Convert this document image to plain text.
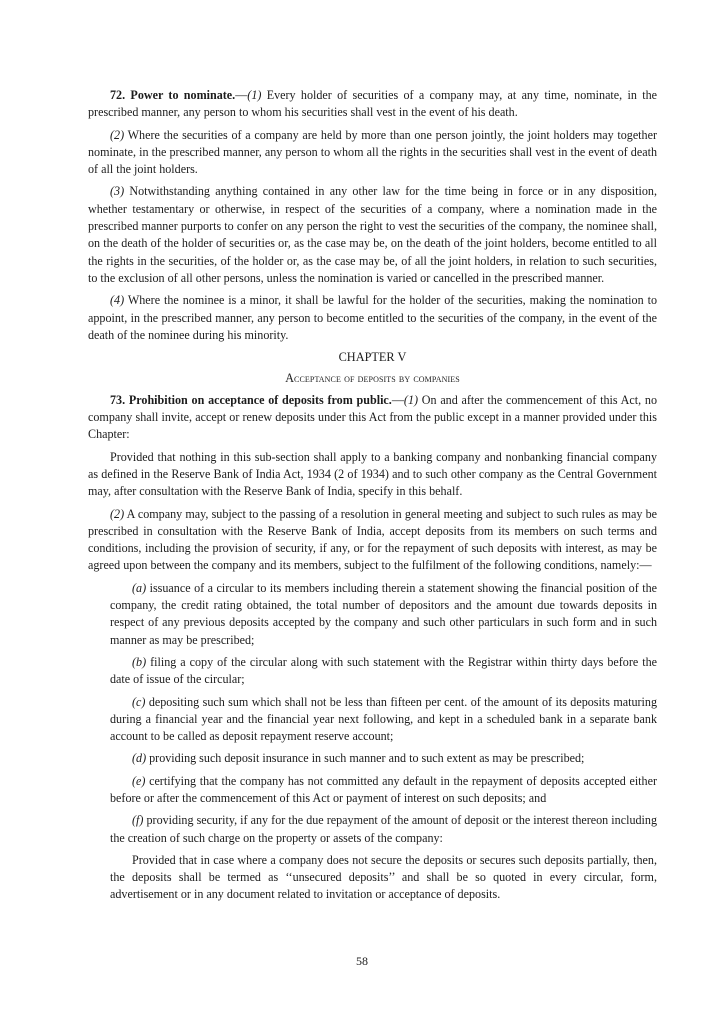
72. Power to nominate.—(1) Every holder of securities of a company may, at any time, nominate, in the prescribed manner, any person to whom his securities shall vest in the event of his death.

(2) Where the securities of a company are held by more than one person jointly, the joint holders may together nominate, in the prescribed manner, any person to whom all the rights in the securities shall vest in the event of death of all the joint holders.

(3) Notwithstanding anything contained in any other law for the time being in force or in any disposition, whether testamentary or otherwise, in respect of the securities of a company, where a nomination made in the prescribed manner purports to confer on any person the right to vest the securities of the company, the nominee shall, on the death of the holder of securities or, as the case may be, on the death of the joint holders, become entitled to all the rights in the securities, of the holder or, as the case may be, of all the joint holders, in relation to such securities, to the exclusion of all other persons, unless the nomination is varied or cancelled in the prescribed manner.

(4) Where the nominee is a minor, it shall be lawful for the holder of the securities, making the nomination to appoint, in the prescribed manner, any person to become entitled to the securities of the company, in the event of the death of the nominee during his minority.

CHAPTER V

Acceptance of deposits by companies

73. Prohibition on acceptance of deposits from public.—(1) On and after the commencement of this Act, no company shall invite, accept or renew deposits under this Act from the public except in a manner provided under this Chapter:

Provided that nothing in this sub-section shall apply to a banking company and nonbanking financial company as defined in the Reserve Bank of India Act, 1934 (2 of 1934) and to such other company as the Central Government may, after consultation with the Reserve Bank of India, specify in this behalf.

(2) A company may, subject to the passing of a resolution in general meeting and subject to such rules as may be prescribed in consultation with the Reserve Bank of India, accept deposits from its members on such terms and conditions, including the provision of security, if any, or for the repayment of such deposits with interest, as may be agreed upon between the company and its members, subject to the fulfilment of the following conditions, namely:—

(a) issuance of a circular to its members including therein a statement showing the financial position of the company, the credit rating obtained, the total number of depositors and the amount due towards deposits in respect of any previous deposits accepted by the company and such other particulars in such form and in such manner as may be prescribed;

(b) filing a copy of the circular along with such statement with the Registrar within thirty days before the date of issue of the circular;

(c) depositing such sum which shall not be less than fifteen per cent. of the amount of its deposits maturing during a financial year and the financial year next following, and kept in a scheduled bank in a separate bank account to be called as deposit repayment reserve account;

(d) providing such deposit insurance in such manner and to such extent as may be prescribed;

(e) certifying that the company has not committed any default in the repayment of deposits accepted either before or after the commencement of this Act or payment of interest on such deposits; and

(f) providing security, if any for the due repayment of the amount of deposit or the interest thereon including the creation of such charge on the property or assets of the company:

Provided that in case where a company does not secure the deposits or secures such deposits partially, then, the deposits shall be termed as ‘‘unsecured deposits’’ and shall be so quoted in every circular, form, advertisement or in any document related to invitation or acceptance of deposits.

58
